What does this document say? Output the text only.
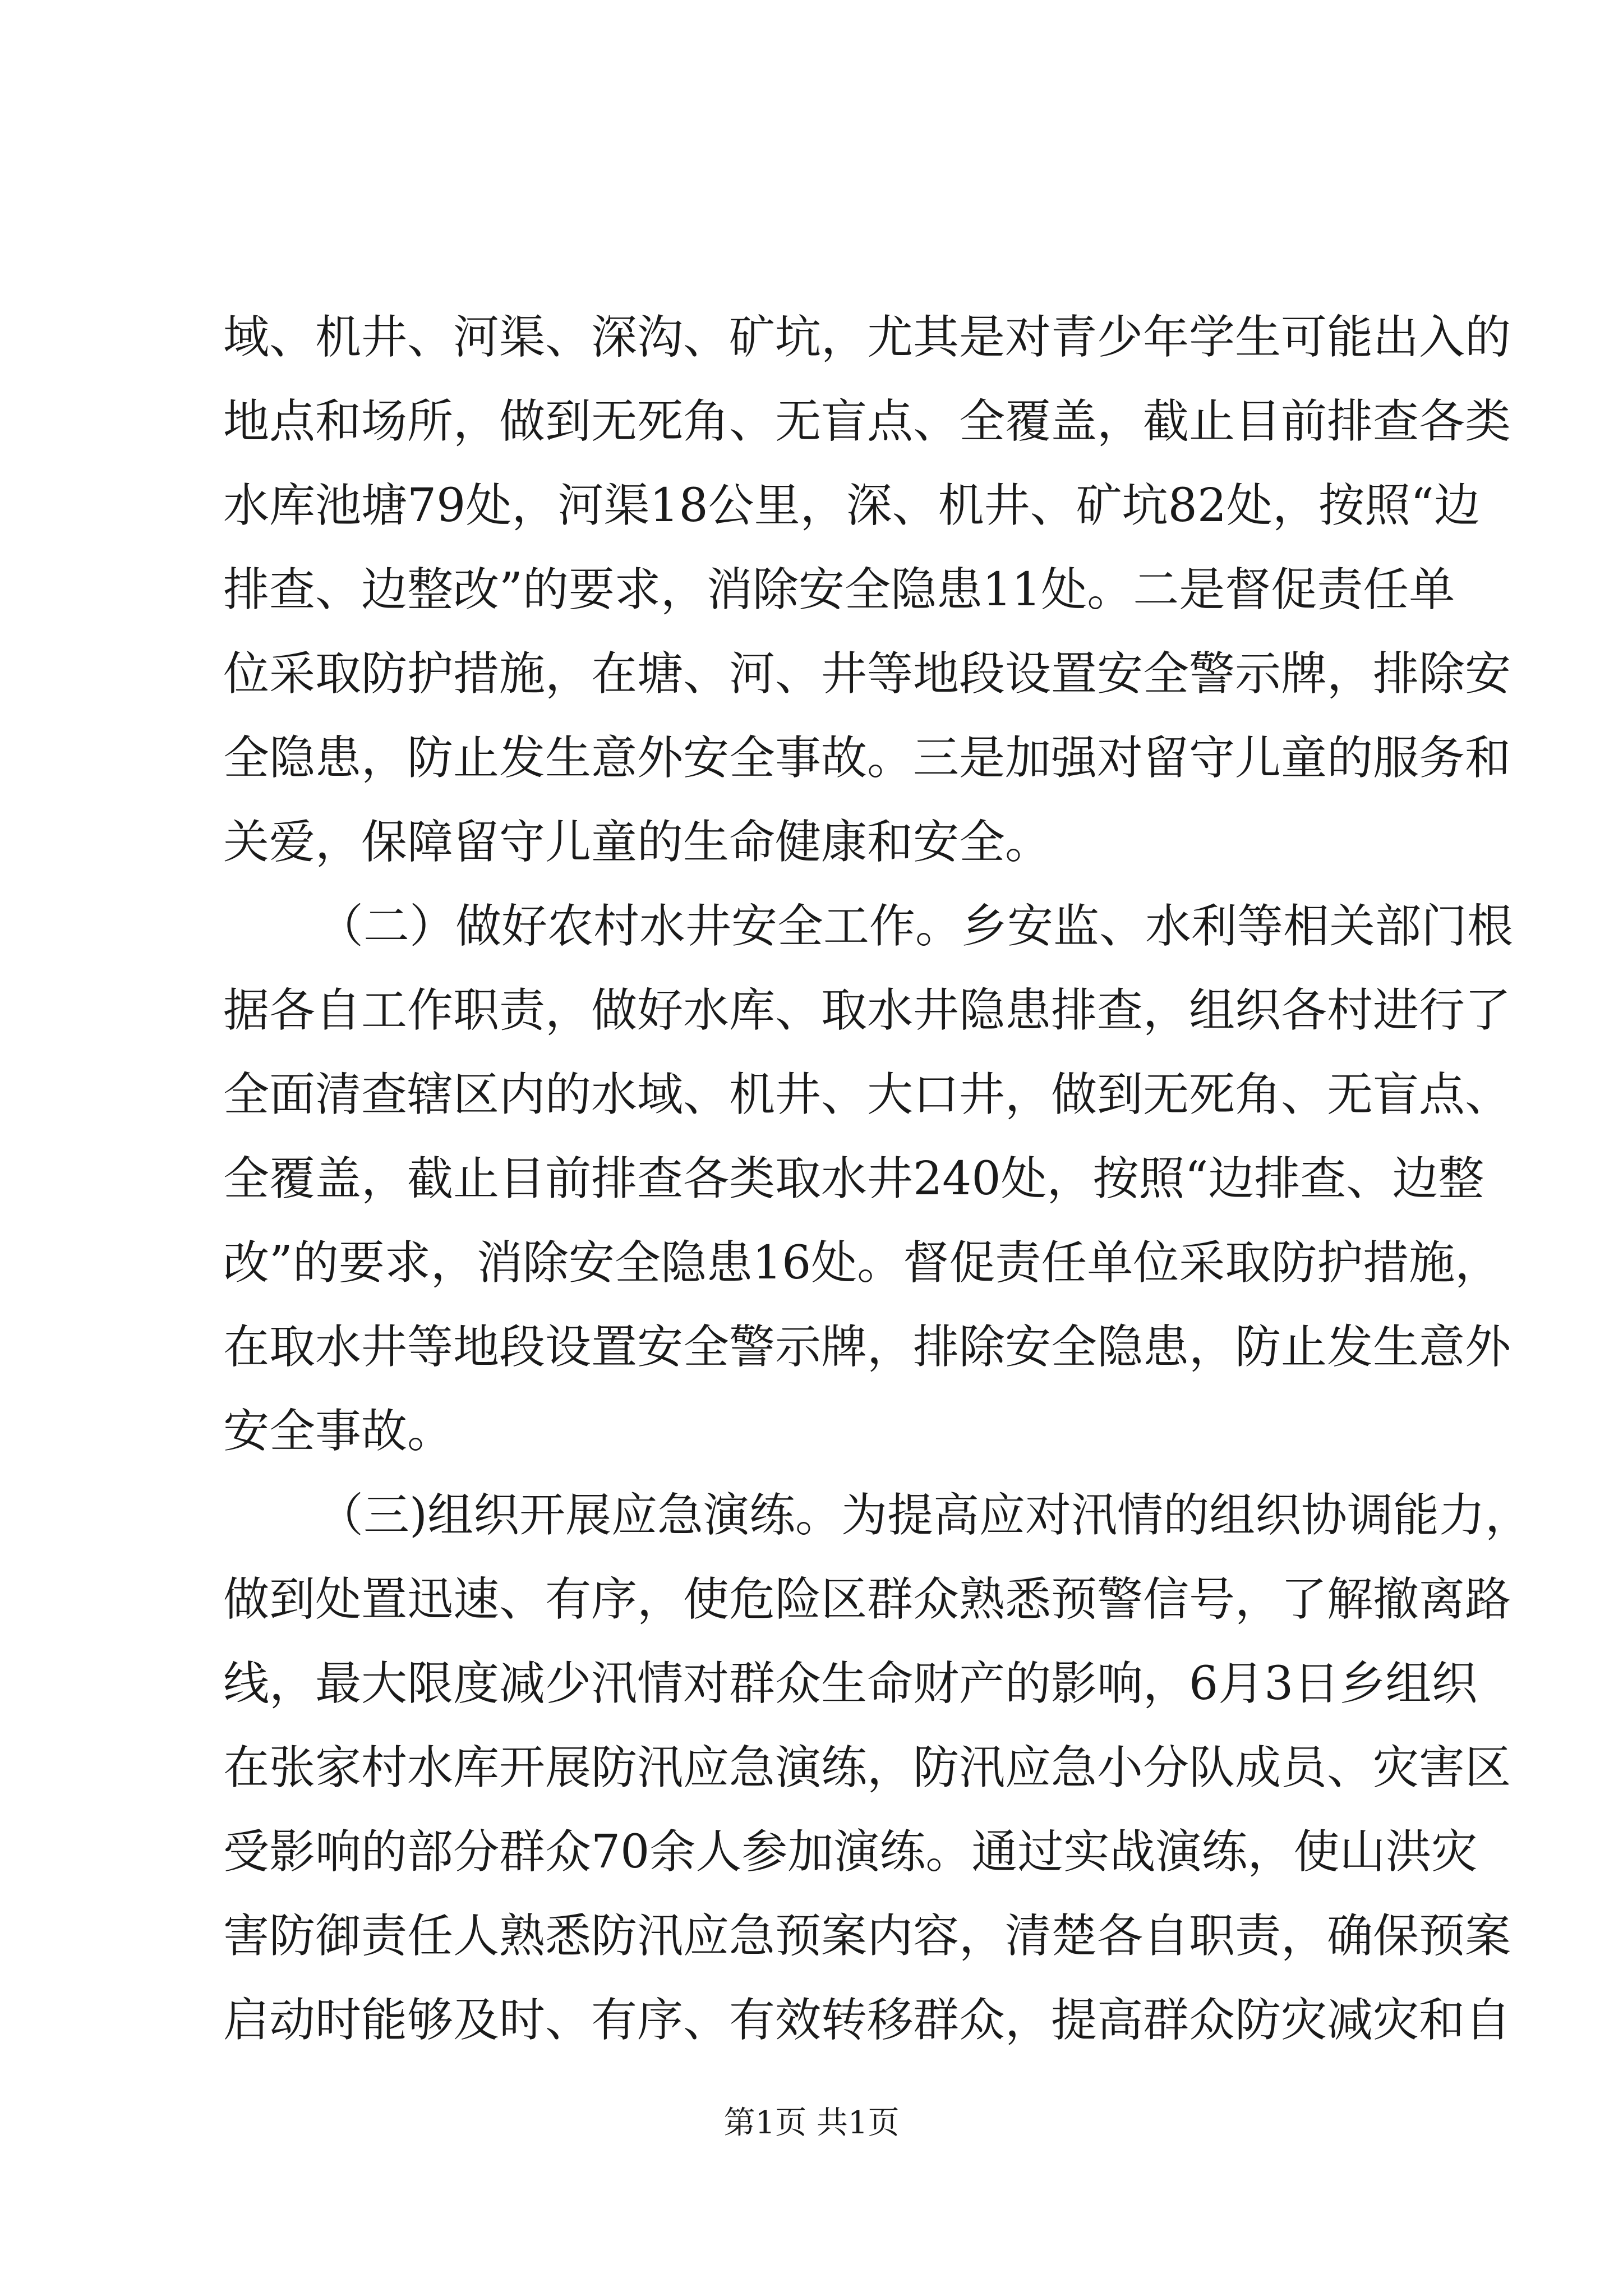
域、机井、河渠、深沟、矿坑，尤其是对青少年学生可能出入的
地点和场所，做到无死角、无盲点、全覆盖，截止目前排查各类
水库池塘79处，河渠18公里，深、机井、矿坑82处，按照“边
排查、边整改”的要求，消除安全隐患11处。二是督促责任单
位采取防护措施，在塘、河、井等地段设置安全警示牌，排除安
全隐患，防止发生意外安全事故。三是加强对留守儿童的服务和
关爱，保障留守儿童的生命健康和安全。
（二）做好农村水井安全工作。乡安监、水利等相关部门根
据各自工作职责，做好水库、取水井隐患排查，组织各村进行了
全面清查辖区内的水域、机井、大口井，做到无死角、无盲点、
全覆盖，截止目前排查各类取水井240处，按照“边排查、边整
改”的要求，消除安全隐患16处。督促责任单位采取防护措施，
在取水井等地段设置安全警示牌，排除安全隐患，防止发生意外
安全事故。
（三)组织开展应急演练。为提高应对汛情的组织协调能力，
做到处置迅速、有序，使危险区群众熟悉预警信号，了解撤离路
线，最大限度减少汛情对群众生命财产的影响，6月3日乡组织
在张家村水库开展防汛应急演练，防汛应急小分队成员、灾害区
受影响的部分群众70余人参加演练。通过实战演练，使山洪灾
害防御责任人熟悉防汛应急预案内容，清楚各自职责，确保预案
启动时能够及时、有序、有效转移群众，提高群众防灾减灾和自
第1页 共1页
